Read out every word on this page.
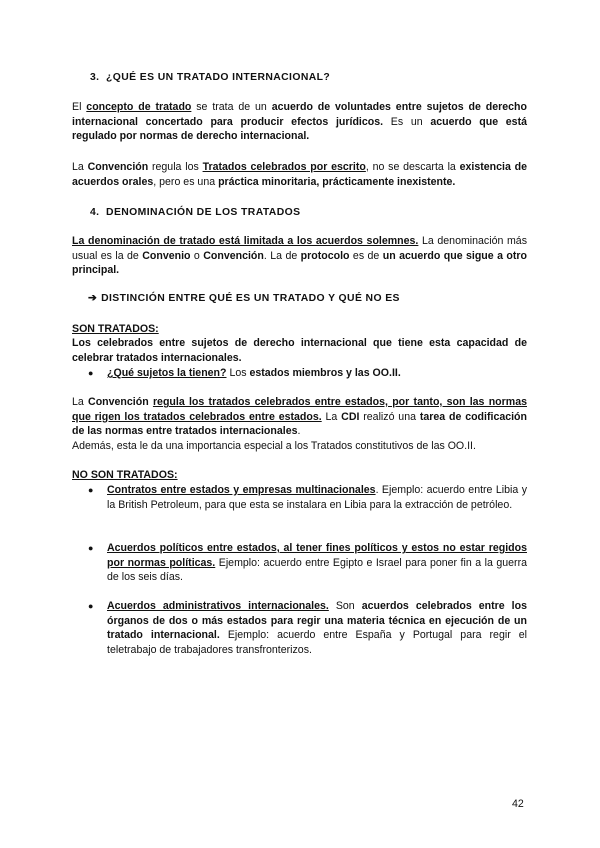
3. ¿QUÉ ES UN TRATADO INTERNACIONAL?

El concepto de tratado se trata de un acuerdo de voluntades entre sujetos de derecho internacional concertado para producir efectos jurídicos. Es un acuerdo que está regulado por normas de derecho internacional.

La Convención regula los Tratados celebrados por escrito, no se descarta la existencia de acuerdos orales, pero es una práctica minoritaria, prácticamente inexistente.

4. DENOMINACIÓN DE LOS TRATADOS

La denominación de tratado está limitada a los acuerdos solemnes. La denominación más usual es la de Convenio o Convención. La de protocolo es de un acuerdo que sigue a otro principal.

➔ DISTINCIÓN ENTRE QUÉ ES UN TRATADO Y QUÉ NO ES

SON TRATADOS:

Los celebrados entre sujetos de derecho internacional que tiene esta capacidad de celebrar tratados internacionales.

● ¿Qué sujetos la tienen? Los estados miembros y las OO.II.

La Convención regula los tratados celebrados entre estados, por tanto, son las normas que rigen los tratados celebrados entre estados. La CDI realizó una tarea de codificación de las normas entre tratados internacionales.

Además, esta le da una importancia especial a los Tratados constitutivos de las OO.II.

NO SON TRATADOS:

● Contratos entre estados y empresas multinacionales. Ejemplo: acuerdo entre Libia y la British Petroleum, para que esta se instalara en Libia para la extracción de petróleo.

● Acuerdos políticos entre estados, al tener fines políticos y estos no estar regidos por normas políticas. Ejemplo: acuerdo entre Egipto e Israel para poner fin a la guerra de los seis días.

● Acuerdos administrativos internacionales. Son acuerdos celebrados entre los órganos de dos o más estados para regir una materia técnica en ejecución de un tratado internacional. Ejemplo: acuerdo entre España y Portugal para regir el teletrabajo de trabajadores transfronterizos.

42
